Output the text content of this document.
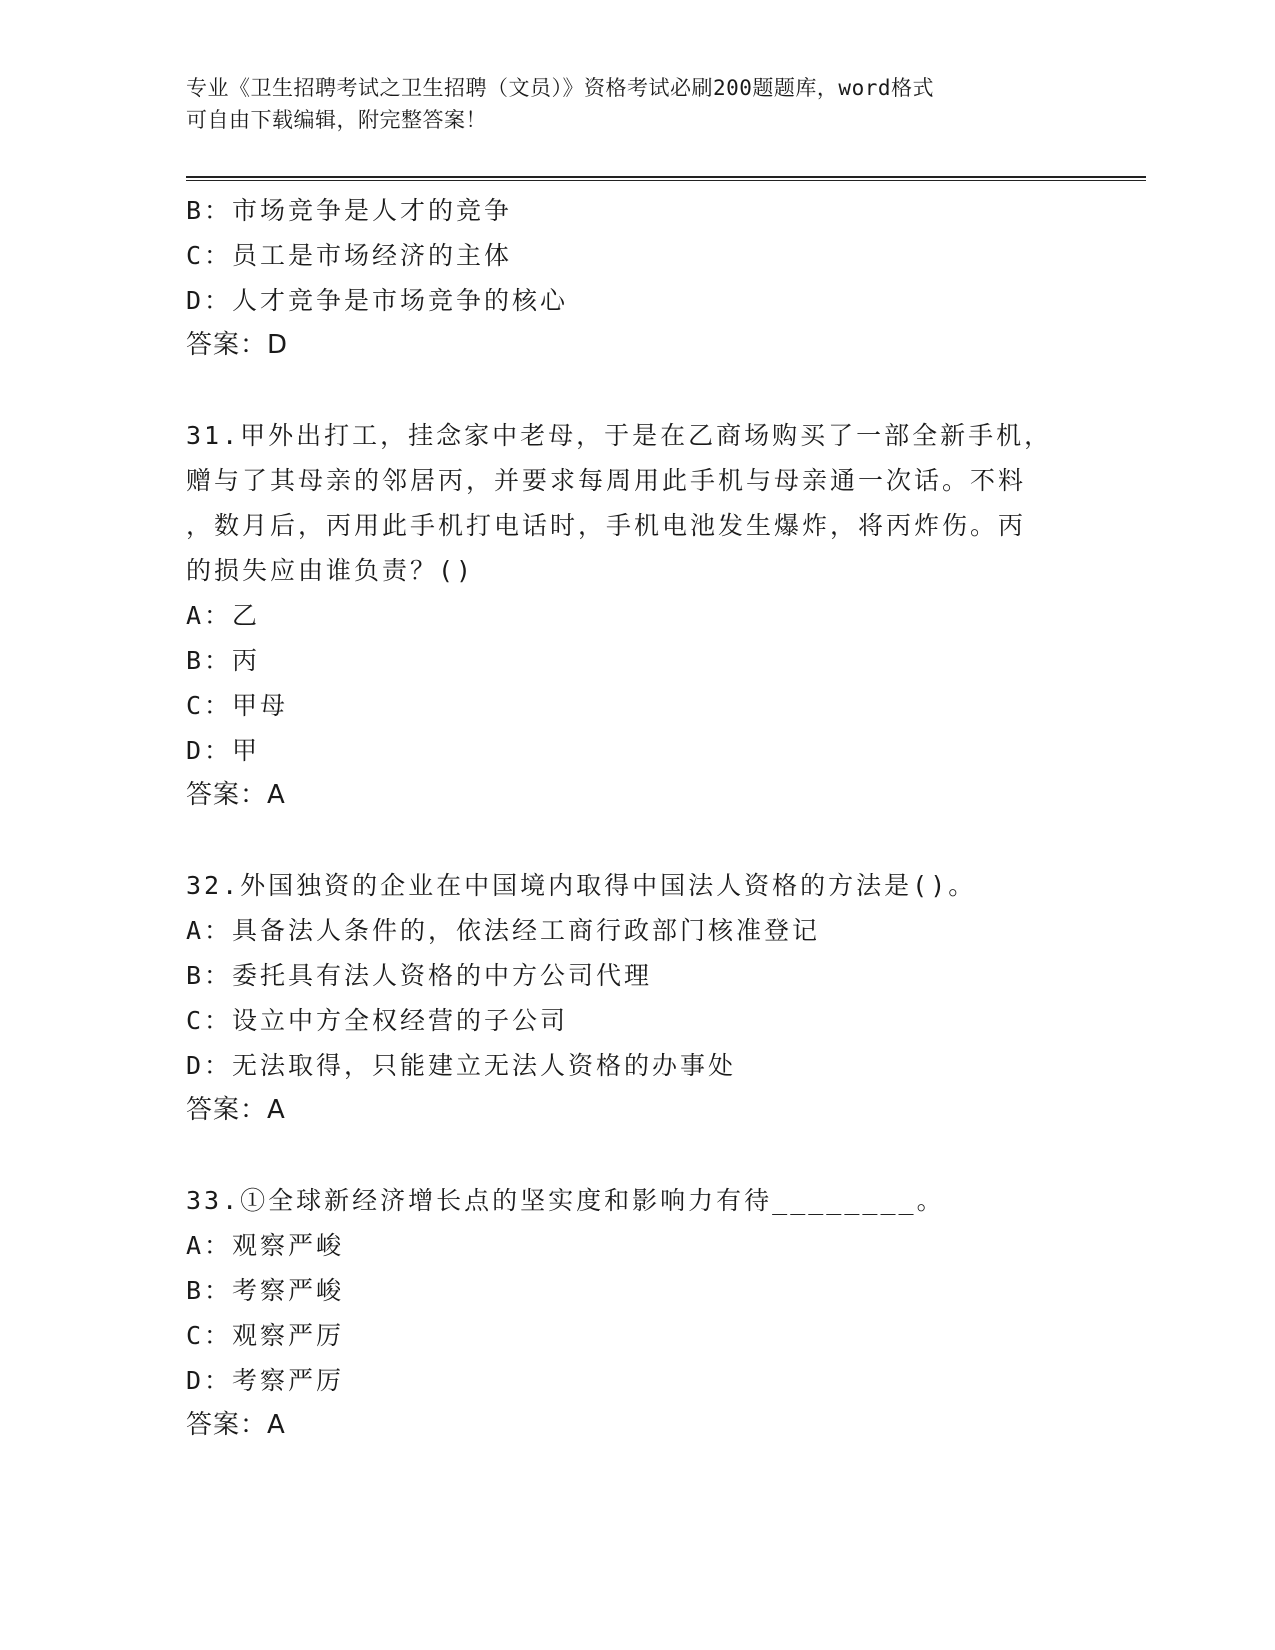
专业《卫生招聘考试之卫生招聘（文员）》资格考试必刷200题题库，word格式
可自由下载编辑，附完整答案！
B：市场竞争是人才的竞争
C：员工是市场经济的主体
D：人才竞争是市场竞争的核心
答案：D
31.甲外出打工，挂念家中老母，于是在乙商场购买了一部全新手机，
赠与了其母亲的邻居丙，并要求每周用此手机与母亲通一次话。不料
，数月后，丙用此手机打电话时，手机电池发生爆炸，将丙炸伤。丙
的损失应由谁负责？()
A：乙
B：丙
C：甲母
D：甲
答案：A
32.外国独资的企业在中国境内取得中国法人资格的方法是()。
A：具备法人条件的，依法经工商行政部门核准登记
B：委托具有法人资格的中方公司代理
C：设立中方全权经营的子公司
D：无法取得，只能建立无法人资格的办事处
答案：A
33.①全球新经济增长点的坚实度和影响力有待________。
A：观察严峻
B：考察严峻
C：观察严厉
D：考察严厉
答案：A
